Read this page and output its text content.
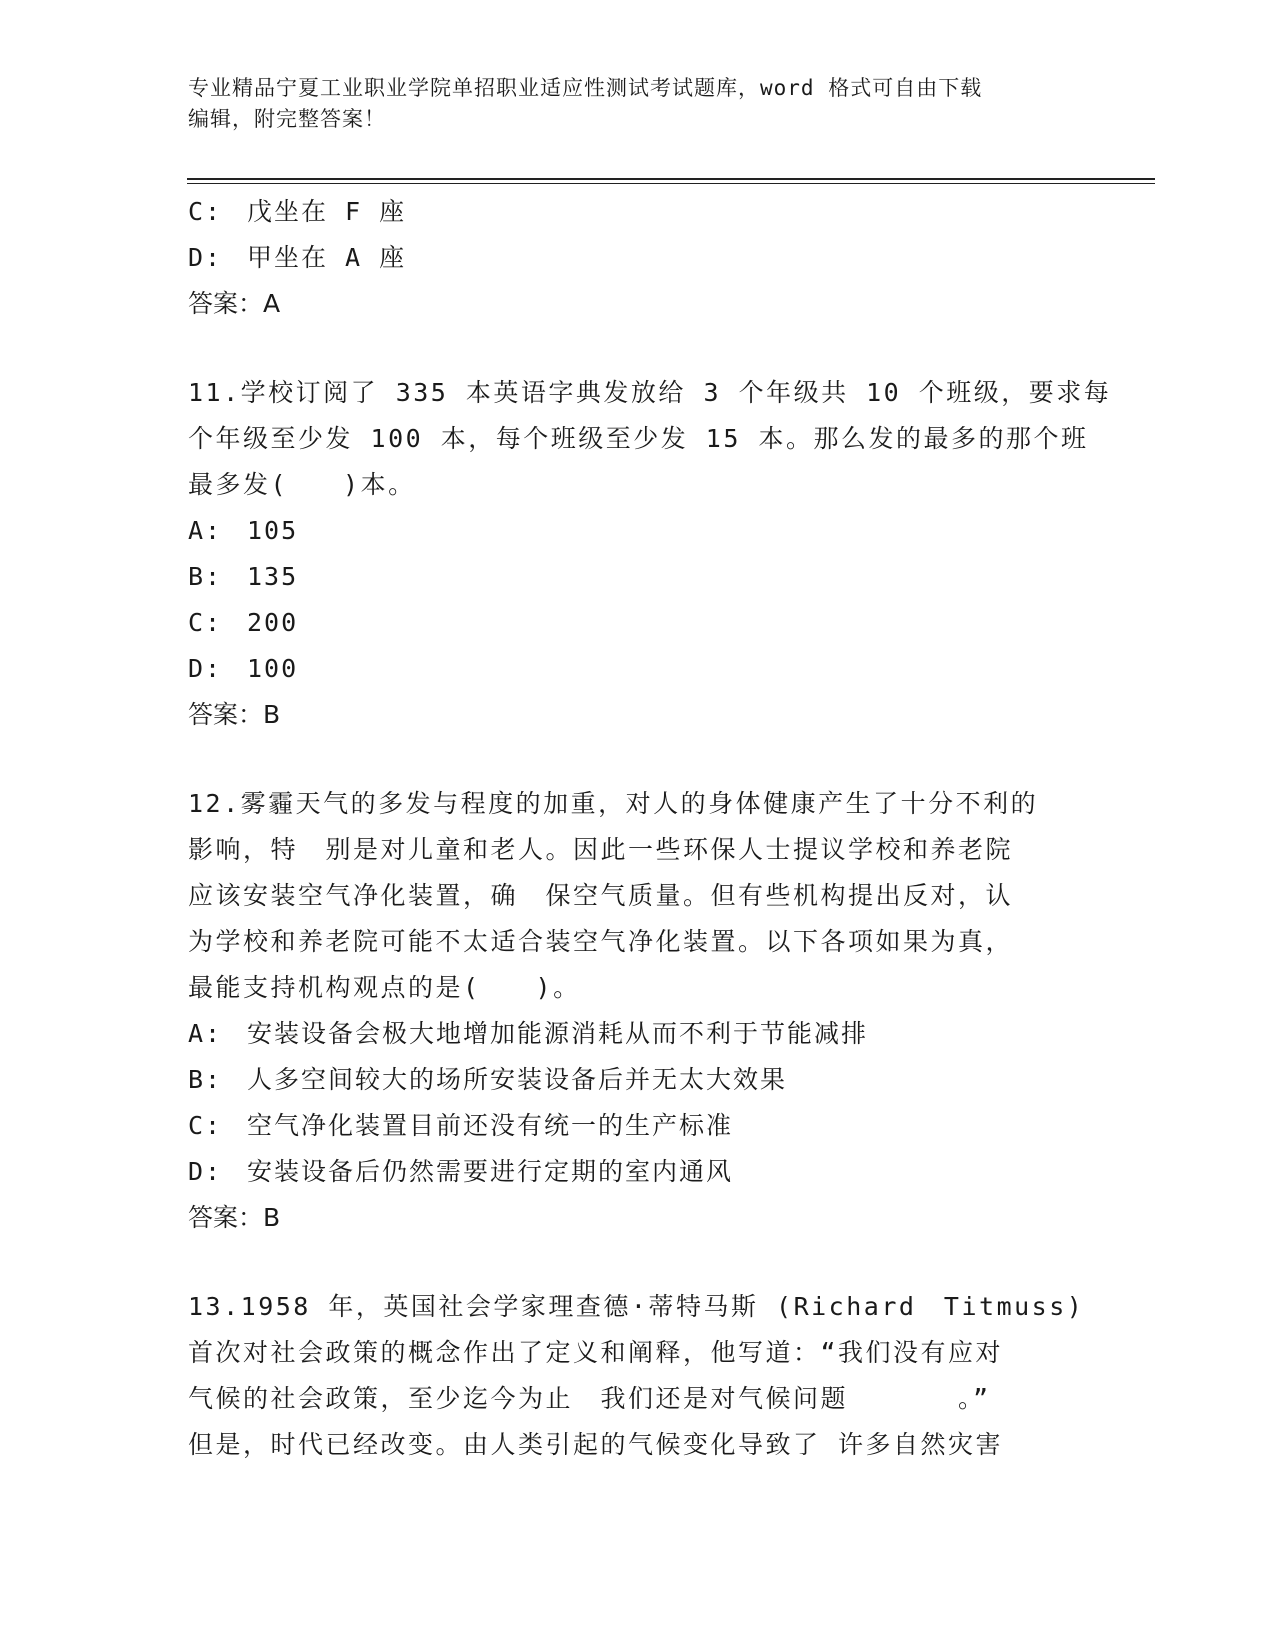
专业精品宁夏工业职业学院单招职业适应性测试考试题库，word 格式可自由下载
编辑，附完整答案！
C: 戊坐在 F 座
D: 甲坐在 A 座
答案：A
11.学校订阅了 335 本英语字典发放给 3 个年级共 10 个班级，要求每
个年级至少发 100 本，每个班级至少发 15 本。那么发的最多的那个班
最多发(　　)本。
A: 105
B: 135
C: 200
D: 100
答案：B
12.雾霾天气的多发与程度的加重，对人的身体健康产生了十分不利的
影响，特　别是对儿童和老人。因此一些环保人士提议学校和养老院
应该安装空气净化装置，确　保空气质量。但有些机构提出反对，认
为学校和养老院可能不太适合装空气净化装置。以下各项如果为真，
最能支持机构观点的是(　　)。
A: 安装设备会极大地增加能源消耗从而不利于节能减排
B: 人多空间较大的场所安装设备后并无太大效果
C: 空气净化装置目前还没有统一的生产标准
D: 安装设备后仍然需要进行定期的室内通风
答案：B
13.1958 年，英国社会学家理查德·蒂特马斯 (Richard　Titmuss)
首次对社会政策的概念作出了定义和阐释，他写道：“我们没有应对
气候的社会政策，至少迄今为止　我们还是对气候问题　　　　。”
但是，时代已经改变。由人类引起的气候变化导致了 许多自然灾害
